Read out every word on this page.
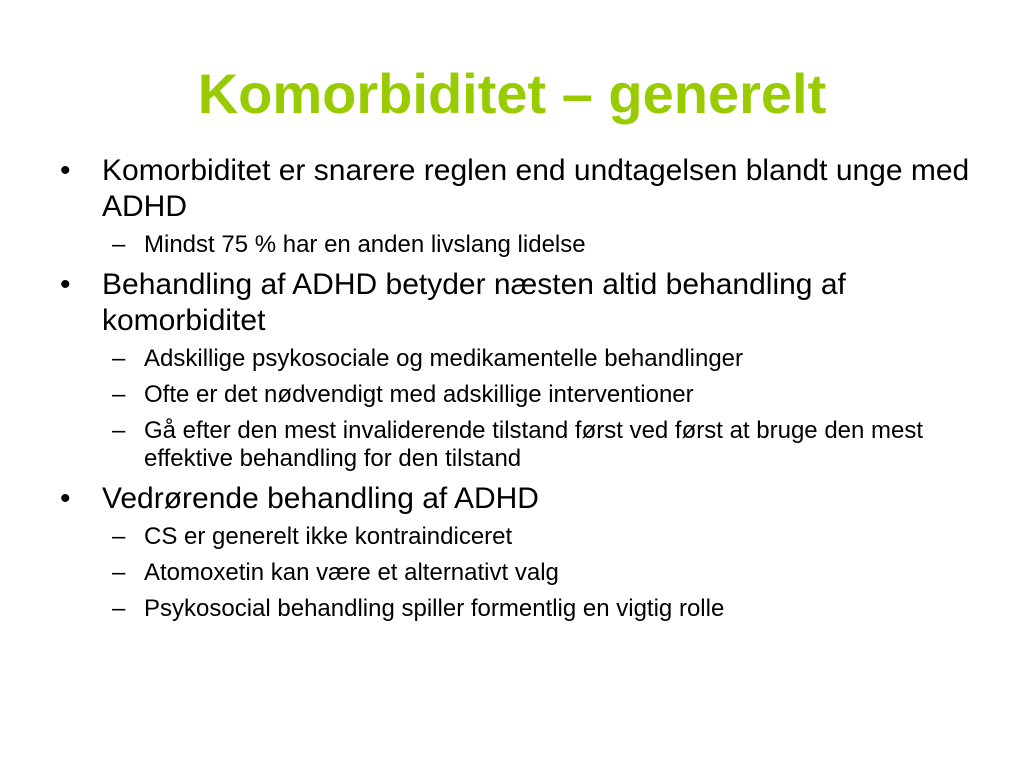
Komorbiditet – generelt
•	Komorbiditet er snarere reglen end undtagelsen blandt unge med ADHD
– Mindst 75 % har en anden livslang lidelse
•	Behandling af ADHD betyder næsten altid behandling af komorbiditet
– Adskillige psykosociale og medikamentelle behandlinger
– Ofte er det nødvendigt med adskillige interventioner
– Gå efter den mest invaliderende tilstand først ved først at bruge den mest effektive behandling for den tilstand
•	Vedrørende behandling af ADHD
– CS er generelt ikke kontraindiceret
– Atomoxetin kan være et alternativt valg
– Psykosocial behandling spiller formentlig en vigtig rolle
